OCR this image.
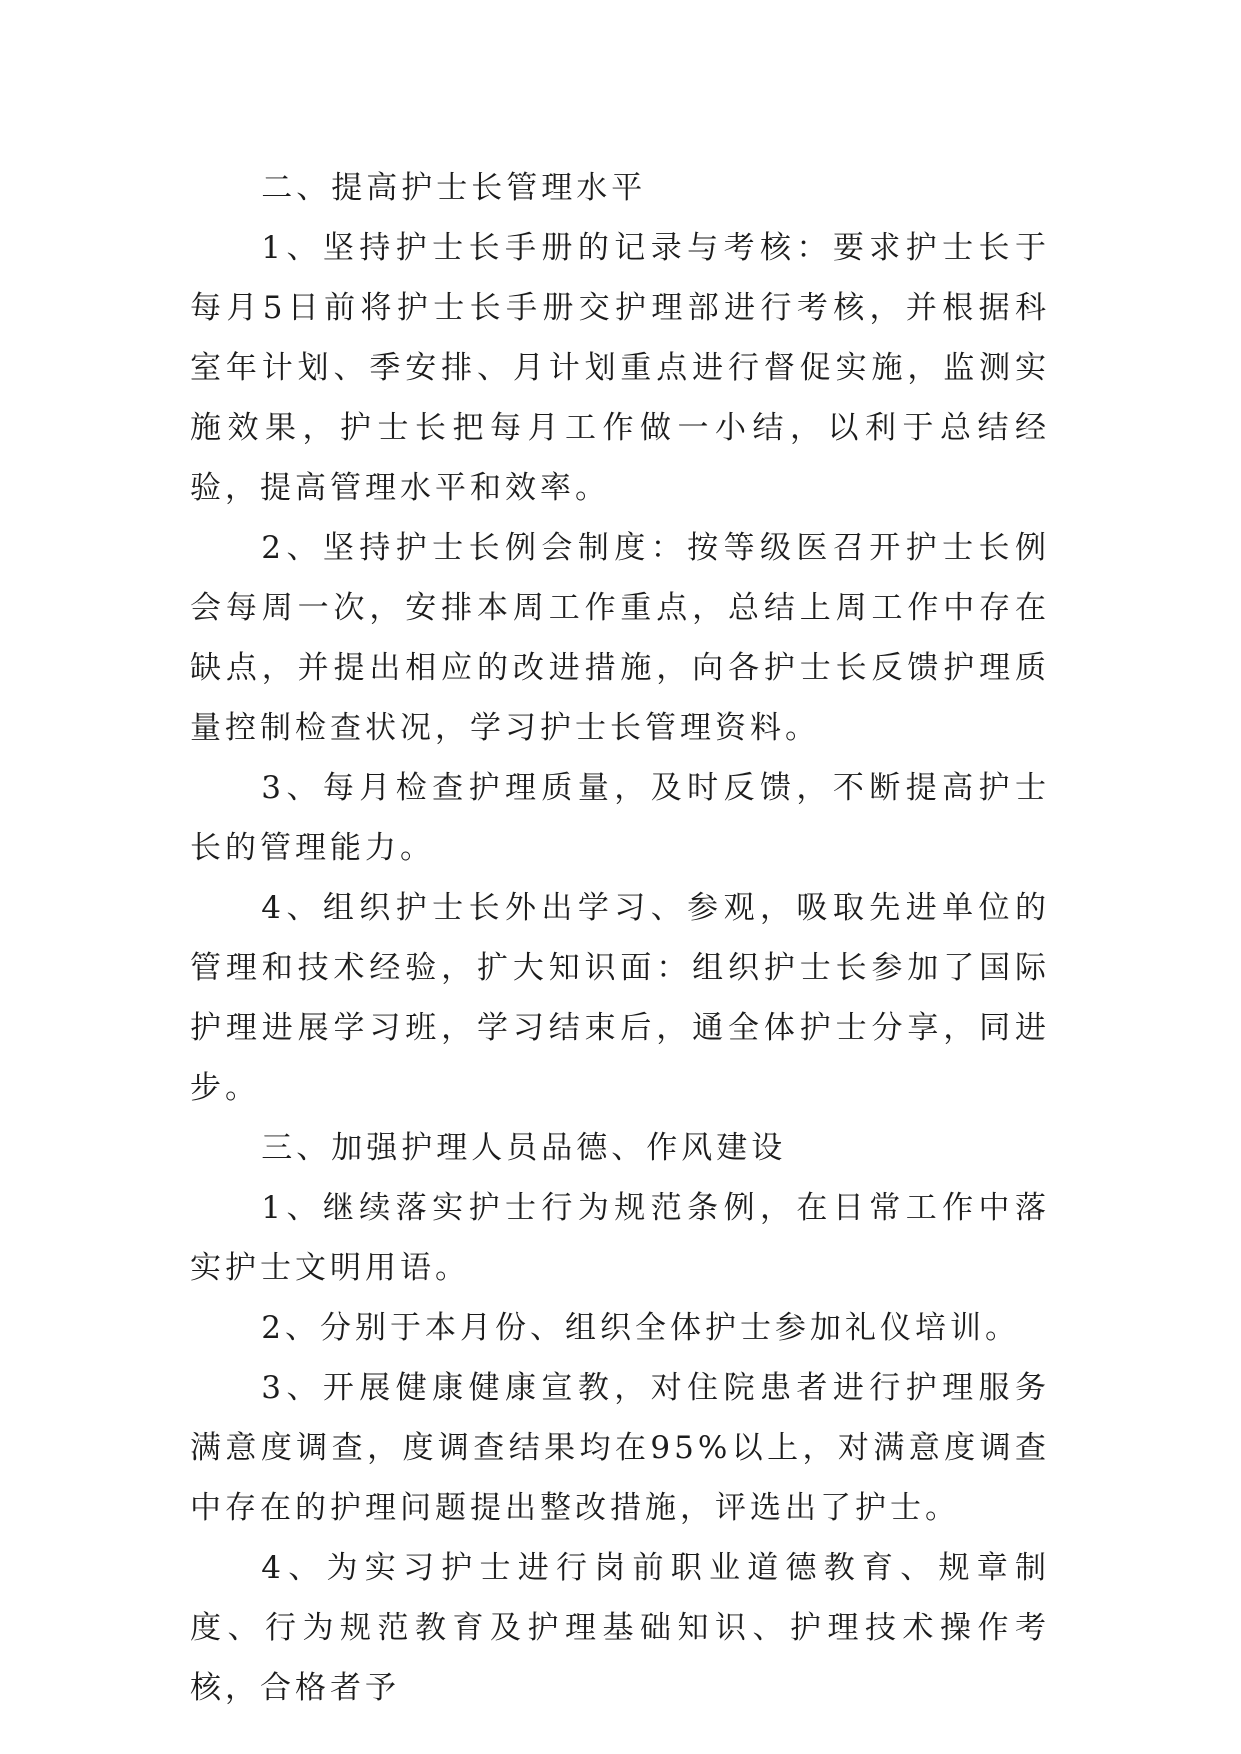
二、提高护士长管理水平

1、坚持护士长手册的记录与考核：要求护士长于每月5日前将护士长手册交护理部进行考核，并根据科室年计划、季安排、月计划重点进行督促实施，监测实施效果，护士长把每月工作做一小结，以利于总结经验，提高管理水平和效率。

2、坚持护士长例会制度：按等级医召开护士长例会每周一次，安排本周工作重点，总结上周工作中存在缺点，并提出相应的改进措施，向各护士长反馈护理质量控制检查状况，学习护士长管理资料。

3、每月检查护理质量，及时反馈，不断提高护士长的管理能力。

4、组织护士长外出学习、参观，吸取先进单位的管理和技术经验，扩大知识面：组织护士长参加了国际护理进展学习班，学习结束后，通全体护士分享，同进步。

三、加强护理人员品德、作风建设

1、继续落实护士行为规范条例，在日常工作中落实护士文明用语。

2、分别于本月份、组织全体护士参加礼仪培训。

3、开展健康健康宣教，对住院患者进行护理服务满意度调查，度调查结果均在95%以上，对满意度调查中存在的护理问题提出整改措施，评选出了护士。

4、为实习护士进行岗前职业道德教育、规章制度、行为规范教育及护理基础知识、护理技术操作考核，合格者予
